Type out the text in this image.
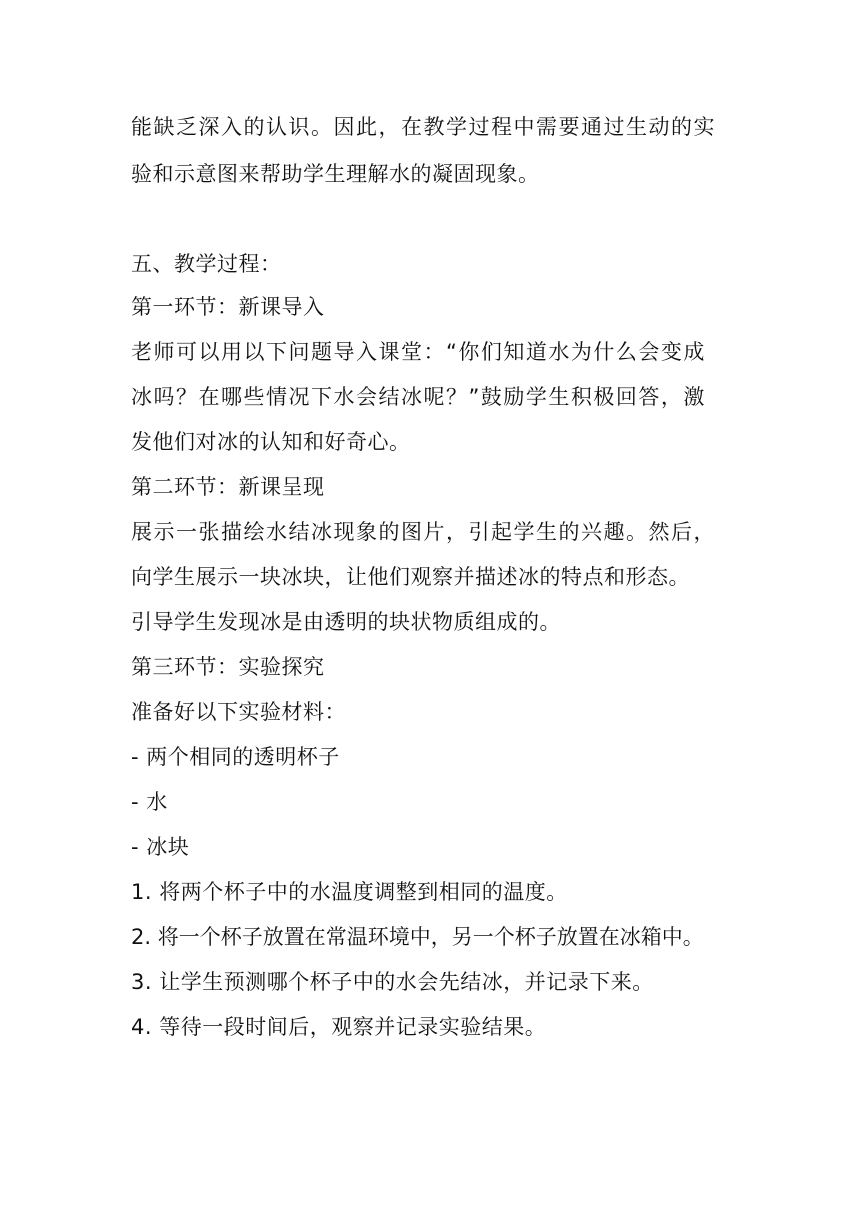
能缺乏深入的认识。因此，在教学过程中需要通过生动的实
验和示意图来帮助学生理解水的凝固现象。
五、教学过程：
第一环节：新课导入
老师可以用以下问题导入课堂：“你们知道水为什么会变成
冰吗？在哪些情况下水会结冰呢？”鼓励学生积极回答，激
发他们对冰的认知和好奇心。
第二环节：新课呈现
展示一张描绘水结冰现象的图片，引起学生的兴趣。然后，
向学生展示一块冰块，让他们观察并描述冰的特点和形态。
引导学生发现冰是由透明的块状物质组成的。
第三环节：实验探究
准备好以下实验材料：
- 两个相同的透明杯子
- 水
- 冰块
1. 将两个杯子中的水温度调整到相同的温度。
2. 将一个杯子放置在常温环境中，另一个杯子放置在冰箱中。
3. 让学生预测哪个杯子中的水会先结冰，并记录下来。
4. 等待一段时间后，观察并记录实验结果。
